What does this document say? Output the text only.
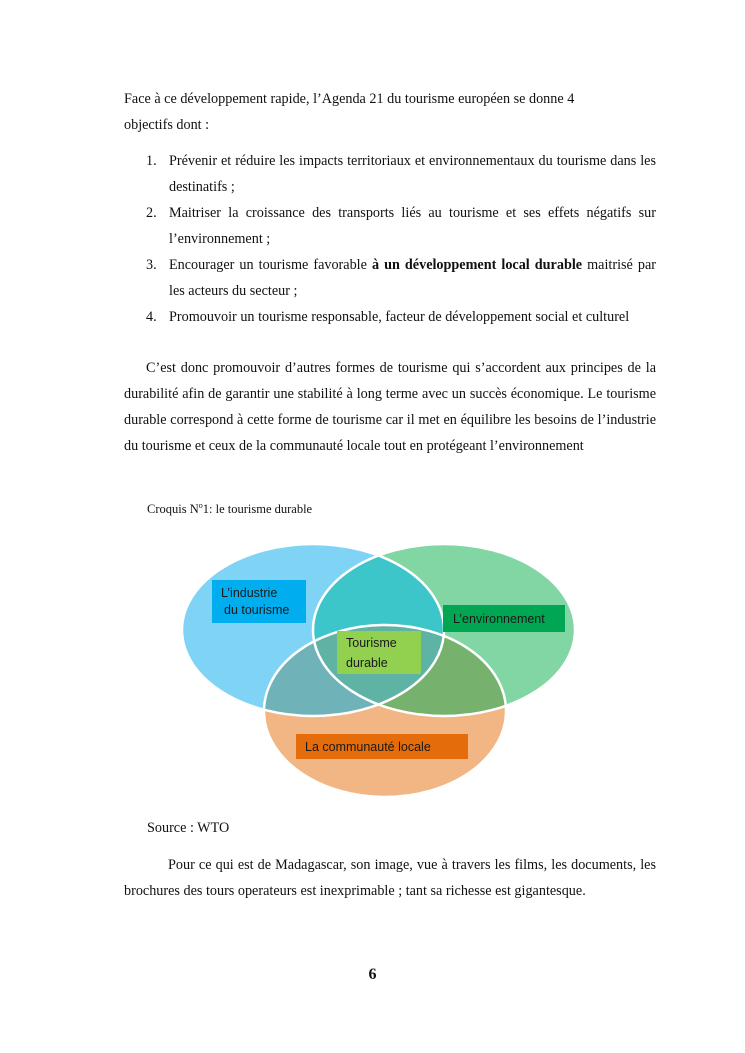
Face à ce développement rapide, l’Agenda 21 du tourisme européen se donne 4 objectifs dont :
1. Prévenir et réduire les impacts territoriaux et environnementaux du tourisme dans les destinatifs ;
2. Maitriser la croissance des transports liés au tourisme et ses effets négatifs sur l’environnement ;
3. Encourager un tourisme favorable à un développement local durable maitrisé par les acteurs du secteur ;
4. Promouvoir un tourisme responsable, facteur de développement social et culturel
C’est donc promouvoir d’autres formes de tourisme qui s’accordent aux principes de la durabilité afin de garantir une stabilité à long terme avec un succès économique. Le tourisme durable correspond à cette forme de tourisme car il met en équilibre les besoins de l’industrie du tourisme et ceux de la communauté locale tout en protégeant l’environnement
Croquis $N^o1$: le tourisme durable
L’industrie
du tourisme
L’environnement
Tourisme
durable
La communauté locale
Source : WTO
Pour ce qui est de Madagascar, son image, vue à travers les films, les documents, les brochures des tours operateurs est inexprimable ; tant sa richesse est gigantesque.
6
